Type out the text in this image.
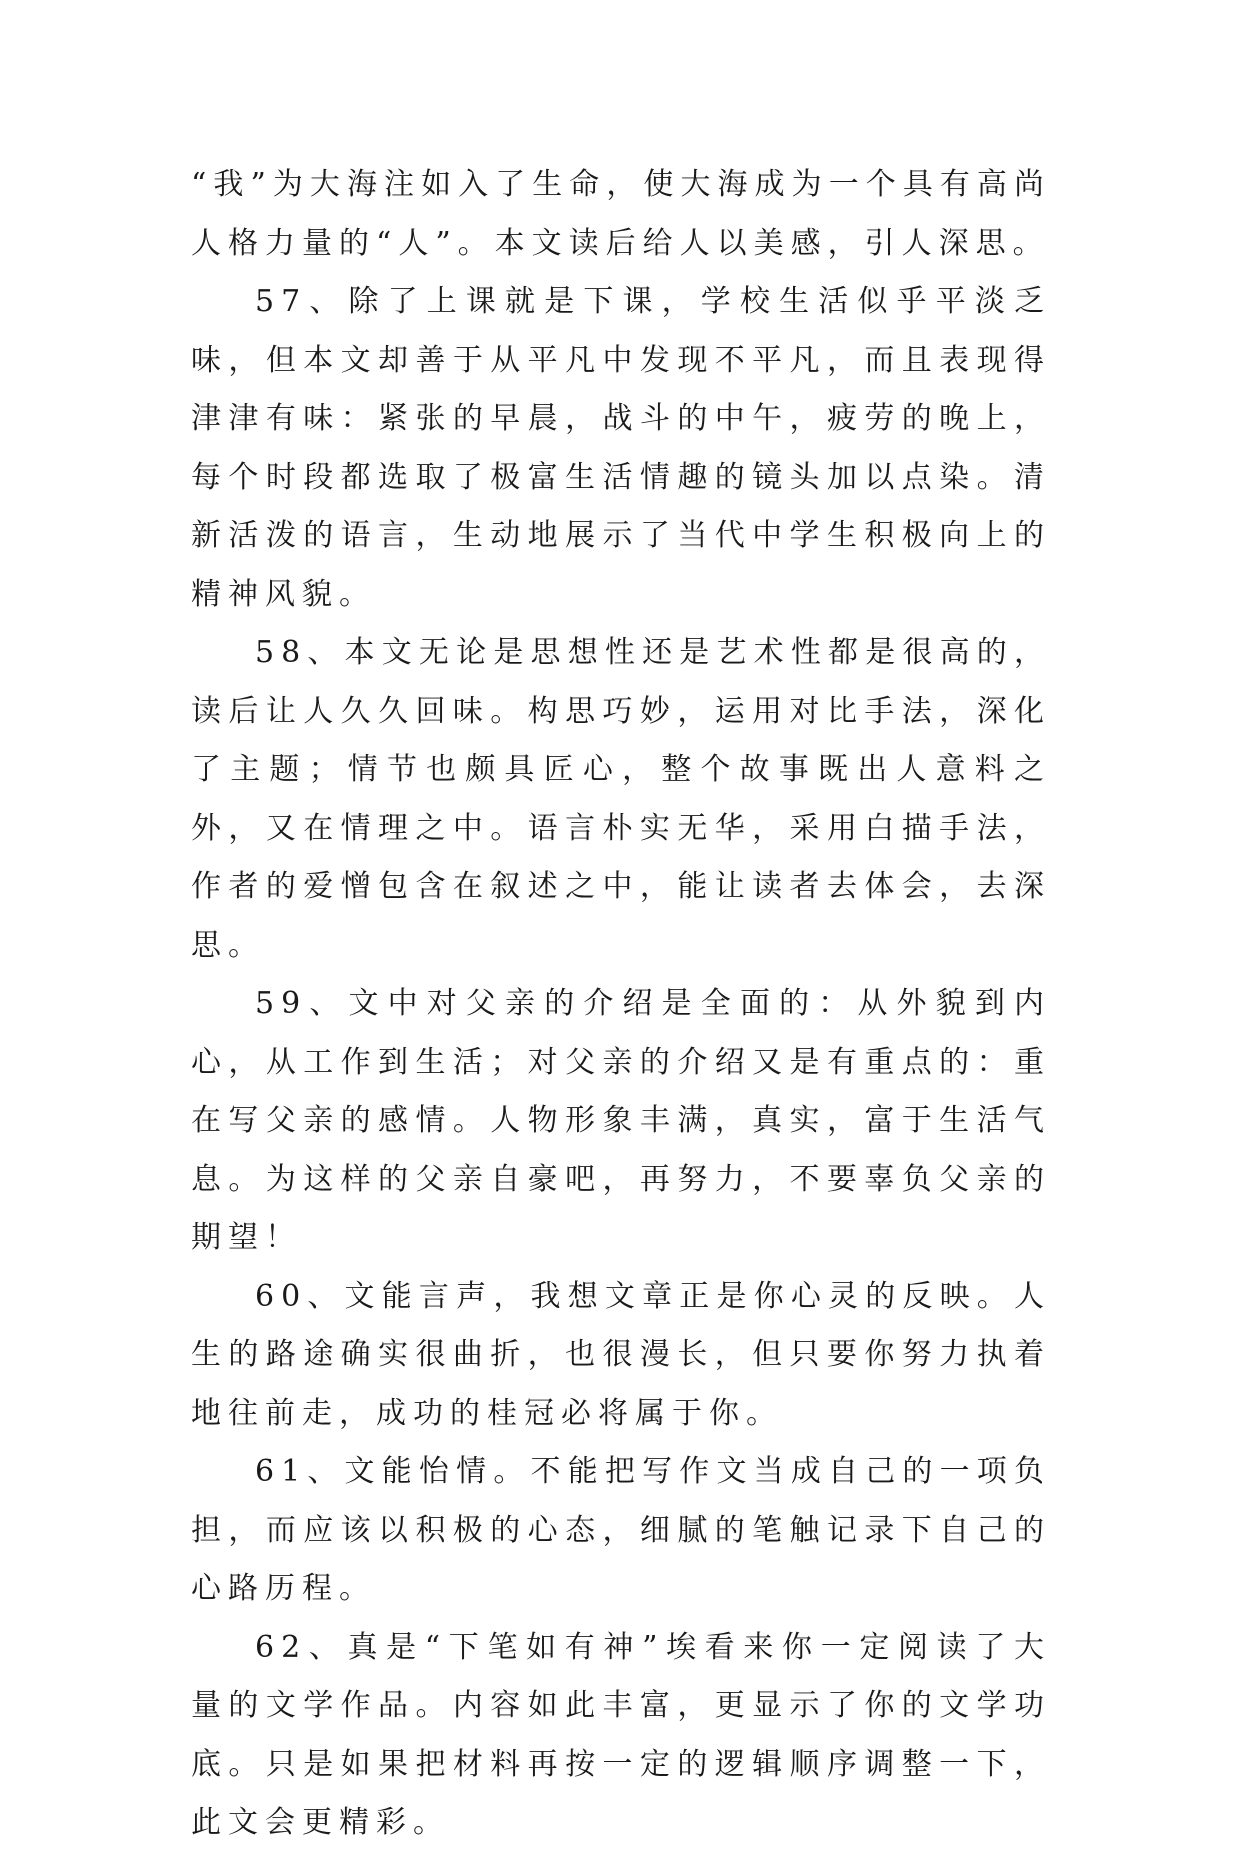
“我”为大海注如入了生命，使大海成为一个具有高尚人格力量的“人”。本文读后给人以美感，引人深思。

57、除了上课就是下课，学校生活似乎平淡乏味，但本文却善于从平凡中发现不平凡，而且表现得津津有味：紧张的早晨，战斗的中午，疲劳的晚上，每个时段都选取了极富生活情趣的镜头加以点染。清新活泼的语言，生动地展示了当代中学生积极向上的精神风貌。

58、本文无论是思想性还是艺术性都是很高的，读后让人久久回味。构思巧妙，运用对比手法，深化了主题；情节也颇具匠心，整个故事既出人意料之外，又在情理之中。语言朴实无华，采用白描手法，作者的爱憎包含在叙述之中，能让读者去体会，去深思。

59、文中对父亲的介绍是全面的：从外貌到内心，从工作到生活；对父亲的介绍又是有重点的：重在写父亲的感情。人物形象丰满，真实，富于生活气息。为这样的父亲自豪吧，再努力，不要辜负父亲的期望！

60、文能言声，我想文章正是你心灵的反映。人生的路途确实很曲折，也很漫长，但只要你努力执着地往前走，成功的桂冠必将属于你。

61、文能怡情。不能把写作文当成自己的一项负担，而应该以积极的心态，细腻的笔触记录下自己的心路历程。

62、真是“下笔如有神”埃看来你一定阅读了大量的文学作品。内容如此丰富，更显示了你的文学功底。只是如果把材料再按一定的逻辑顺序调整一下，此文会更精彩。
